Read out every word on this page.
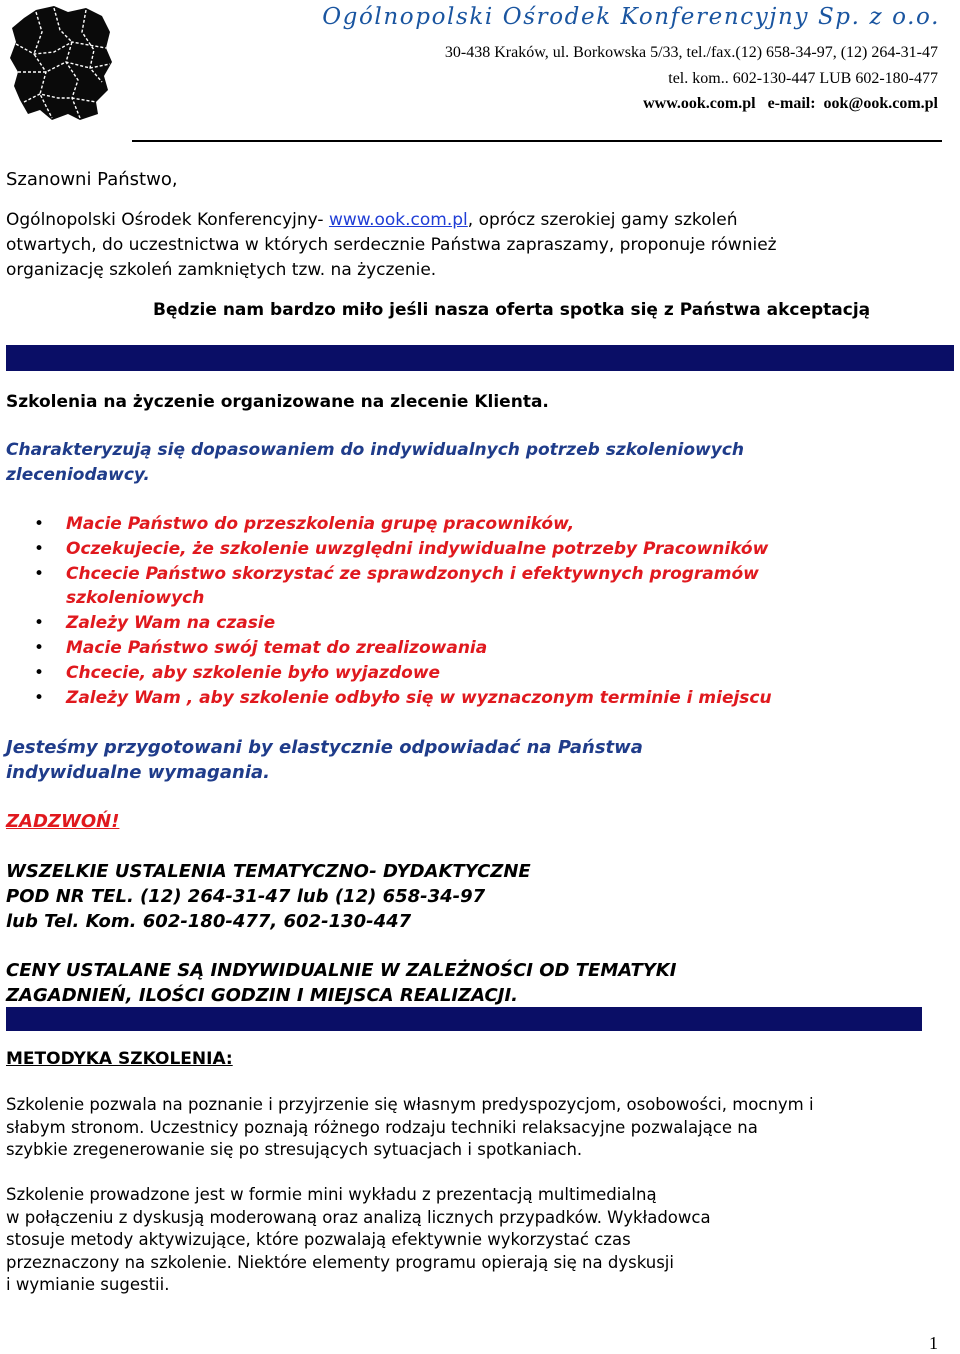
Ogólnopolski Ośrodek Konferencyjny Sp. z o.o.
30-438 Kraków, ul. Borkowska 5/33, tel./fax.(12) 658-34-97, (12) 264-31-47
tel. kom.. 602-130-447 LUB 602-180-477
www.ook.com.pl   e-mail:  ook@ook.com.pl
Szanowni Państwo,
Ogólnopolski Ośrodek Konferencyjny- www.ook.com.pl, oprócz szerokiej gamy szkoleń
otwartych, do uczestnictwa w których serdecznie Państwa zapraszamy, proponuje również
organizację szkoleń zamkniętych tzw. na życzenie.
Będzie nam bardzo miło jeśli nasza oferta spotka się z Państwa akceptacją
Szkolenia na życzenie organizowane na zlecenie Klienta.
Charakteryzują się dopasowaniem do indywidualnych potrzeb szkoleniowych
zleceniodawcy.
• Macie Państwo do przeszkolenia grupę pracowników,
• Oczekujecie, że szkolenie uwzględni indywidualne potrzeby Pracowników
• Chcecie Państwo skorzystać ze sprawdzonych i efektywnych programów
szkoleniowych
• Zależy Wam na czasie
• Macie Państwo swój temat do zrealizowania
• Chcecie, aby szkolenie było wyjazdowe
• Zależy Wam , aby szkolenie odbyło się w wyznaczonym terminie i miejscu
Jesteśmy przygotowani by elastycznie odpowiadać na Państwa
indywidualne wymagania.
ZADZWOŃ!
WSZELKIE USTALENIA TEMATYCZNO- DYDAKTYCZNE
POD NR TEL. (12) 264-31-47 lub (12) 658-34-97
lub Tel. Kom. 602-180-477, 602-130-447
CENY USTALANE SĄ INDYWIDUALNIE W ZALEŻNOŚCI OD TEMATYKI
ZAGADNIEŃ, ILOŚCI GODZIN I MIEJSCA REALIZACJI.
METODYKA SZKOLENIA:
Szkolenie pozwala na poznanie i przyjrzenie się własnym predyspozycjom, osobowości, mocnym i
słabym stronom. Uczestnicy poznają różnego rodzaju techniki relaksacyjne pozwalające na
szybkie zregenerowanie się po stresujących sytuacjach i spotkaniach.
Szkolenie prowadzone jest w formie mini wykładu z prezentacją multimedialną
w połączeniu z dyskusją moderowaną oraz analizą licznych przypadków. Wykładowca
stosuje metody aktywizujące, które pozwalają efektywnie wykorzystać czas
przeznaczony na szkolenie. Niektóre elementy programu opierają się na dyskusji
i wymianie sugestii.
1
